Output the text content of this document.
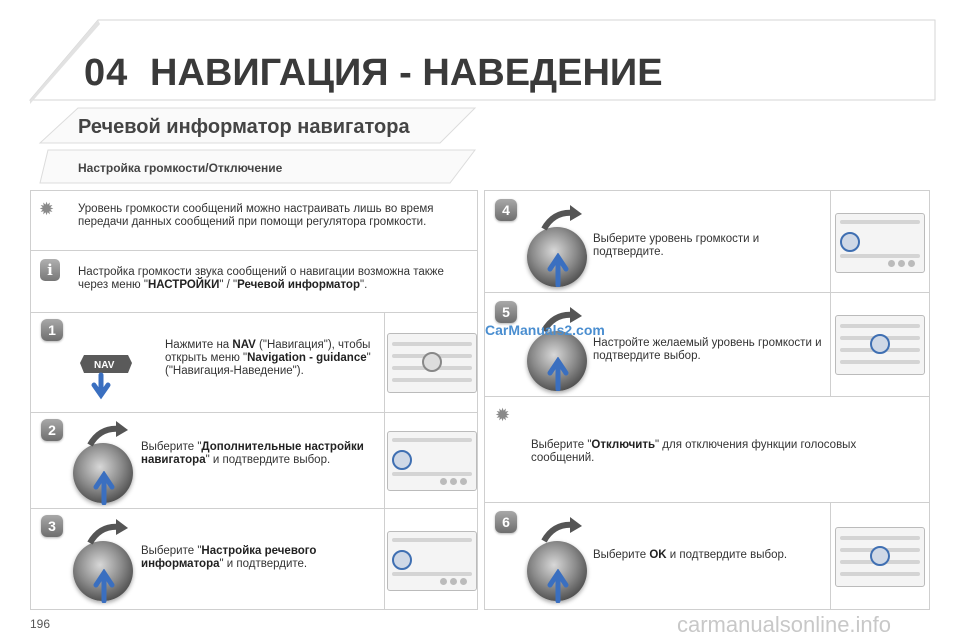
04 НАВИГАЦИЯ - НАВЕДЕНИЕ
Речевой информатор навигатора
Настройка громкости/Отключение
✹ Уровень громкости сообщений можно настраивать лишь во время передачи данных сообщений при помощи регулятора громкости.
i	Настройка громкости звука сообщений о навигации возможна также через меню "НАСТРОЙКИ" / "Речевой информатор".
1
NAV
Нажмите на NAV ("Навигация"), чтобы открыть меню "Navigation - guidance" ("Навигация-Наведение").
2
Выберите "Дополнительные настройки навигатора" и подтвердите выбор.
3
Выберите "Настройка речевого информатора" и подтвердите.
4
Выберите уровень громкости и подтвердите.
5
Настройте желаемый уровень громкости и подтвердите выбор.
✹
Выберите "Отключить" для отключения функции голосовых сообщений.
6
Выберите OK и подтвердите выбор.
CarManuals2.com
196	carmanualsonline.info
